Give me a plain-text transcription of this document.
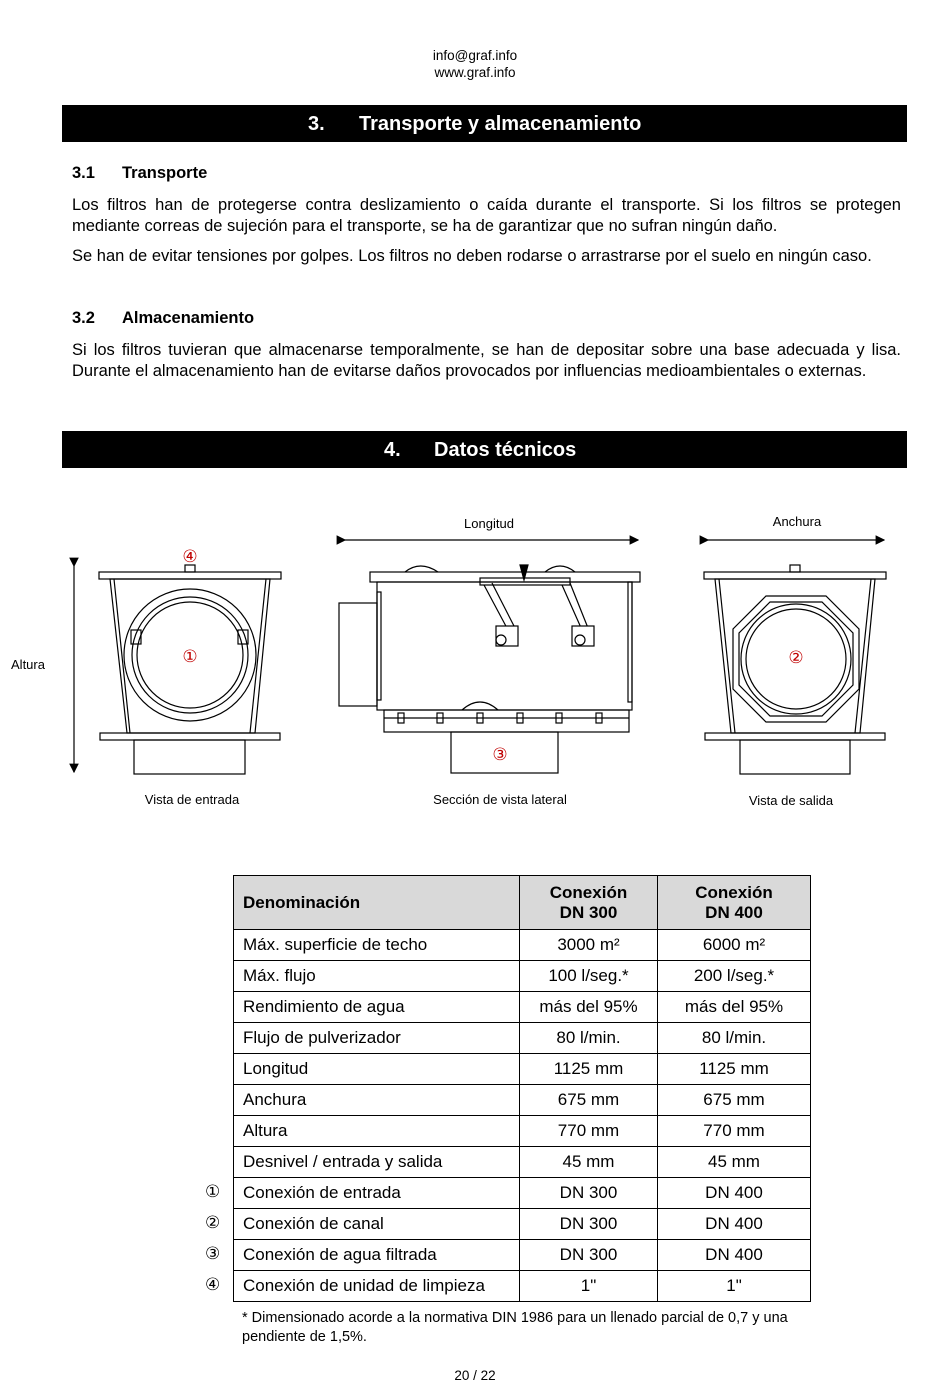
info@graf.info
www.graf.info
3. Transporte y almacenamiento
3.1 Transporte
Los filtros han de protegerse contra deslizamiento o caída durante el transporte. Si los filtros se protegen mediante correas de sujeción para el transporte, se ha de garantizar que no sufran ningún daño.
Se han de evitar tensiones por golpes. Los filtros no deben rodarse o arrastrarse por el suelo en ningún caso.
3.2 Almacenamiento
Si los filtros tuvieran que almacenarse temporalmente, se han de depositar sobre una base adecuada y lisa. Durante el almacenamiento han de evitarse daños provocados por influencias medioambientales o externas.
4. Datos técnicos
Longitud	Anchura
Altura
④
①
③
②
Vista de entrada	Sección de vista lateral	Vista de salida
Denominación	Conexión DN 300	Conexión DN 400
Máx. superficie de techo	3000 m²	6000 m²
Máx. flujo	100 l/seg.*	200 l/seg.*
Rendimiento de agua	más del 95%	más del 95%
Flujo de pulverizador	80 l/min.	80 l/min.
Longitud	1125 mm	1125 mm
Anchura	675 mm	675 mm
Altura	770 mm	770 mm
Desnivel / entrada y salida	45 mm	45 mm
Conexión de entrada	DN 300	DN 400
Conexión de canal	DN 300	DN 400
Conexión de agua filtrada	DN 300	DN 400
Conexión de unidad de limpieza	1"	1"
①
②
③
④
* Dimensionado acorde a la normativa DIN 1986 para un llenado parcial de 0,7 y una pendiente de 1,5%.
20 / 22
